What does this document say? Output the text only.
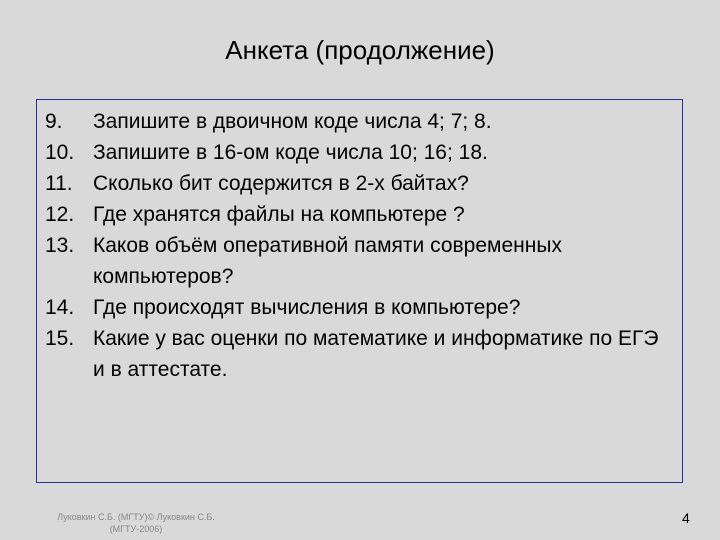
Анкета (продолжение)
9.	Запишите в двоичном коде числа 4; 7; 8.
10. Запишите в 16-ом коде числа 10; 16; 18.
11. Сколько бит содержится в 2-х байтах?
12. Где хранятся файлы на компьютере ?
13. Каков объём оперативной памяти современных компьютеров?
14. Где происходят вычисления в компьютере?
15. Какие у вас оценки по математике и информатике по ЕГЭ и в аттестате.
Луковкин С.Б. (МГТУ)© Луковкин С.Б.
(МГТУ-2006)
4
